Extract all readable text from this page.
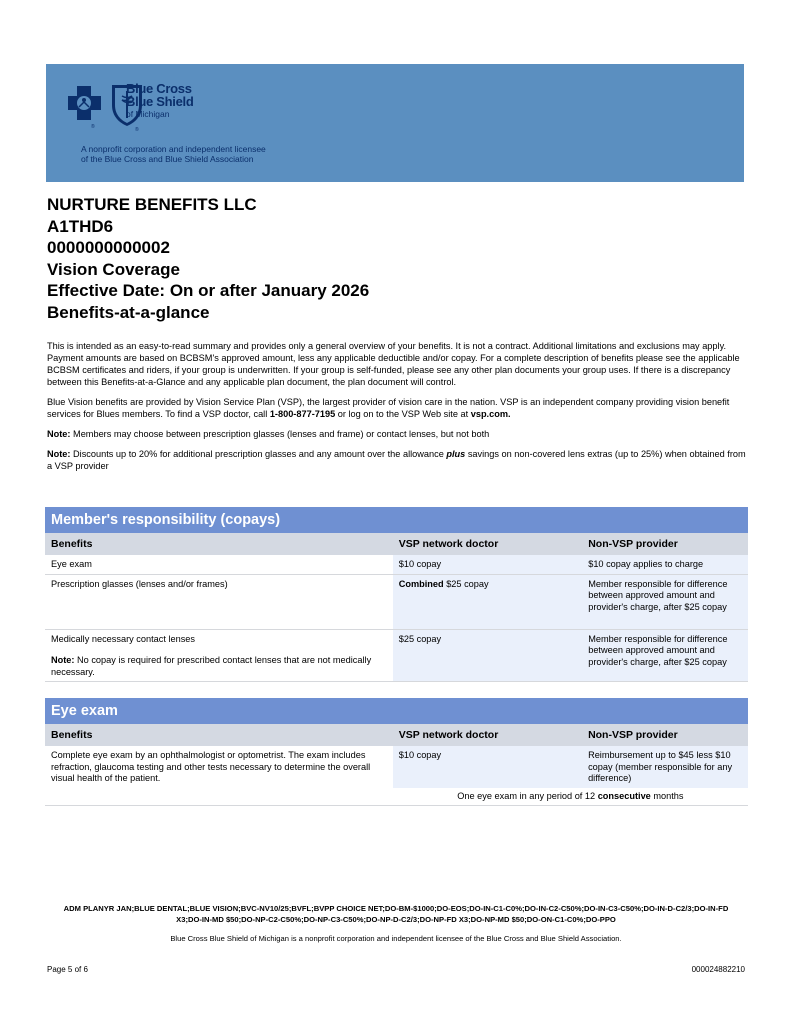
®	®
Blue Cross
Blue Shield
of Michigan
A nonprofit corporation and independent licensee
of the Blue Cross and Blue Shield Association
NURTURE BENEFITS LLC
A1THD6
0000000000002
Vision Coverage
Effective Date: On or after January 2026
Benefits-at-a-glance

This is intended as an easy-to-read summary and provides only a general overview of your benefits. It is not a contract. Additional limitations and exclusions may apply. Payment amounts are based on BCBSM's approved amount, less any applicable deductible and/or copay. For a complete description of benefits please see the applicable BCBSM certificates and riders, if your group is underwritten. If your group is self-funded, please see any other plan documents your group uses. If there is a discrepancy between this Benefits-at-a-Glance and any applicable plan document, the plan document will control.

Blue Vision benefits are provided by Vision Service Plan (VSP), the largest provider of vision care in the nation. VSP is an independent company providing vision benefit services for Blues members. To find a VSP doctor, call 1-800-877-7195 or log on to the VSP Web site at vsp.com.

Note: Members may choose between prescription glasses (lenses and frame) or contact lenses, but not both

Note: Discounts up to 20% for additional prescription glasses and any amount over the allowance plus savings on non-covered lens extras (up to 25%) when obtained from a VSP provider

Member's responsibility (copays)
Benefits	VSP network doctor	Non-VSP provider
Eye exam	$10 copay	$10 copay applies to charge
Prescription glasses (lenses and/or frames)	Combined $25 copay	Member responsible for difference between approved amount and provider's charge, after $25 copay

Medically necessary contact lenses
Note: No copay is required for prescribed contact lenses that are not medically necessary.	$25 copay	Member responsible for difference between approved amount and provider's charge, after $25 copay
Eye exam
Benefits	VSP network doctor	Non-VSP provider
Complete eye exam by an ophthalmologist or optometrist. The exam includes refraction, glaucoma testing and other tests necessary to determine the overall visual health of the patient.	$10 copay	Reimbursement up to $45 less $10 copay (member responsible for any difference)
	One eye exam in any period of 12 consecutive months	
ADM PLANYR JAN;BLUE DENTAL;BLUE VISION;BVC-NV10/25;BVFL;BVPP CHOICE NET;DO-BM-$1000;DO-EOS;DO-IN-C1-C0%;DO-IN-C2-C50%;DO-IN-C3-C50%;DO-IN-D-C2/3;DO-IN-FD X3;DO-IN-MD $50;DO-NP-C2-C50%;DO-NP-C3-C50%;DO-NP-D-C2/3;DO-NP-FD X3;DO-NP-MD $50;DO-ON-C1-C0%;DO-PPO
Blue Cross Blue Shield of Michigan is a nonprofit corporation and independent licensee of the Blue Cross and Blue Shield Association.
Page 5 of 6	000024882210
